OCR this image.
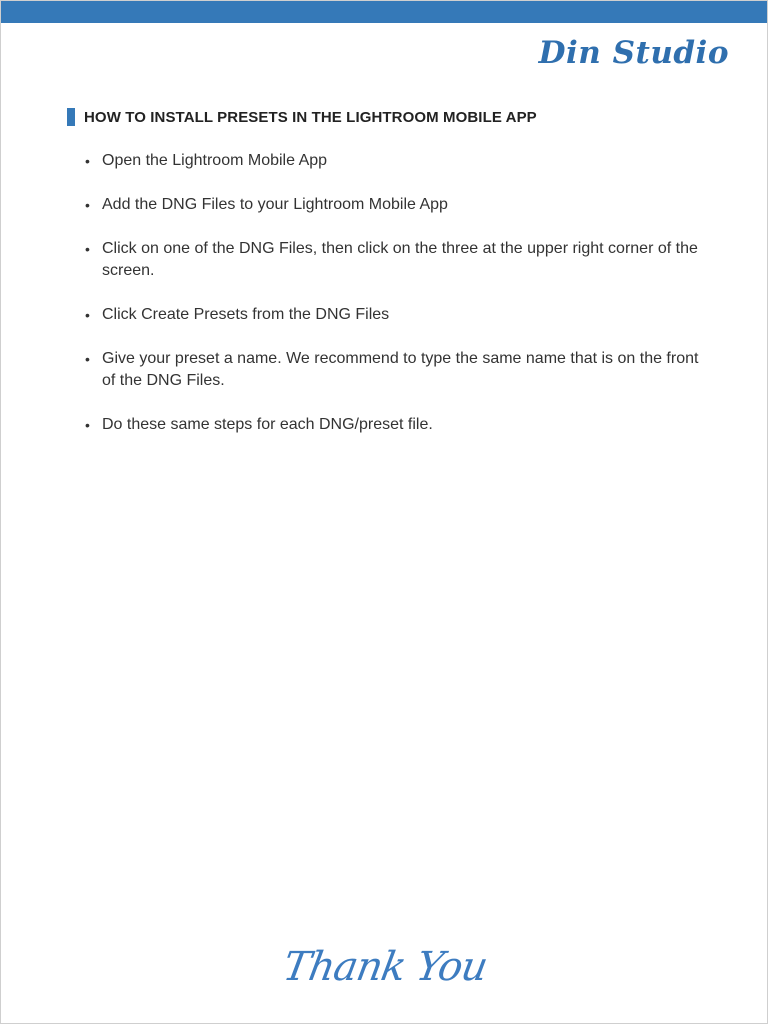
Din Studio
HOW TO INSTALL PRESETS IN THE LIGHTROOM MOBILE APP
• Open the Lightroom Mobile App
• Add the DNG Files to your Lightroom Mobile App
• Click on one of the DNG Files, then click on the three at the upper right corner of the screen.
• Click Create Presets from the DNG Files
• Give your preset a name. We recommend to type the same name that is on the front of the DNG Files.
• Do these same steps for each DNG/preset file.
Thank You
